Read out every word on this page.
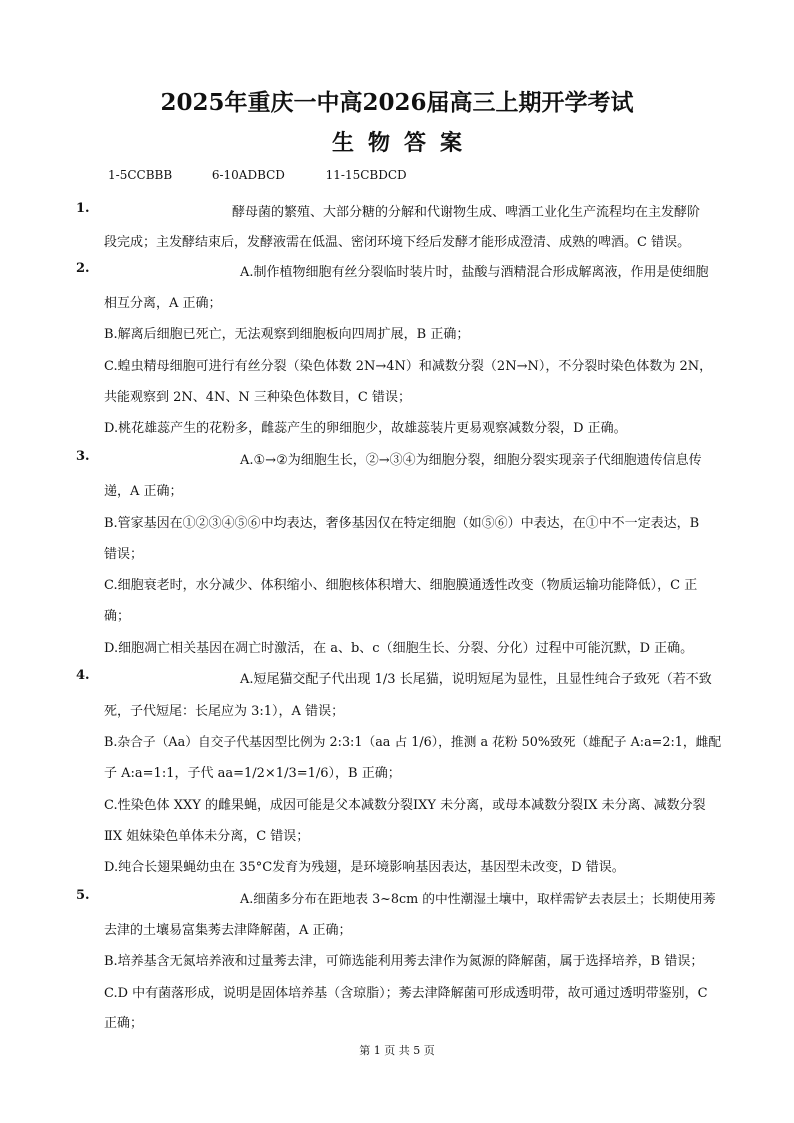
2025年重庆一中高2026届高三上期开学考试
生物答案
1-5CCBBB	6-10ADBCD	11-15CBDCD
1.	酵母菌的繁殖、大部分糖的分解和代谢物生成、啤酒工业化生产流程均在主发酵阶
段完成；主发酵结束后，发酵液需在低温、密闭环境下经后发酵才能形成澄清、成熟的啤酒。C 错误。
2.	A.制作植物细胞有丝分裂临时装片时，盐酸与酒精混合形成解离液，作用是使细胞
相互分离，A 正确；
B.解离后细胞已死亡，无法观察到细胞板向四周扩展，B 正确；
C.蝗虫精母细胞可进行有丝分裂（染色体数 2N→4N）和减数分裂（2N→N），不分裂时染色体数为 2N，
共能观察到 2N、4N、N 三种染色体数目，C 错误；
D.桃花雄蕊产生的花粉多，雌蕊产生的卵细胞少，故雄蕊装片更易观察减数分裂，D 正确。
3.	A.①→②为细胞生长，②→③④为细胞分裂，细胞分裂实现亲子代细胞遗传信息传
递，A 正确；
B.管家基因在①②③④⑤⑥中均表达，奢侈基因仅在特定细胞（如⑤⑥）中表达，在①中不一定表达，B
错误；
C.细胞衰老时，水分减少、体积缩小、细胞核体积增大、细胞膜通透性改变（物质运输功能降低），C 正
确；
D.细胞凋亡相关基因在凋亡时激活，在 a、b、c（细胞生长、分裂、分化）过程中可能沉默，D 正确。
4.	A.短尾猫交配子代出现 1/3 长尾猫，说明短尾为显性，且显性纯合子致死（若不致
死，子代短尾：长尾应为 3:1），A 错误；
B.杂合子（Aa）自交子代基因型比例为 2:3:1（aa 占 1/6），推测 a 花粉 50%致死（雄配子 A:a=2:1，雌配
子 A:a=1:1，子代 aa=1/2×1/3=1/6），B 正确；
C.性染色体 XXY 的雌果蝇，成因可能是父本减数分裂ⅠXY 未分离，或母本减数分裂ⅠX 未分离、减数分裂
ⅡX 姐妹染色单体未分离，C 错误；
D.纯合长翅果蝇幼虫在 35°C发育为残翅，是环境影响基因表达，基因型未改变，D 错误。
5.	A.细菌多分布在距地表 3~8cm 的中性潮湿土壤中，取样需铲去表层土；长期使用莠
去津的土壤易富集莠去津降解菌，A 正确；
B.培养基含无氮培养液和过量莠去津，可筛选能利用莠去津作为氮源的降解菌，属于选择培养，B 错误；
C.D 中有菌落形成，说明是固体培养基（含琼脂）；莠去津降解菌可形成透明带，故可通过透明带鉴别，C
正确；
第 1 页 共 5 页
